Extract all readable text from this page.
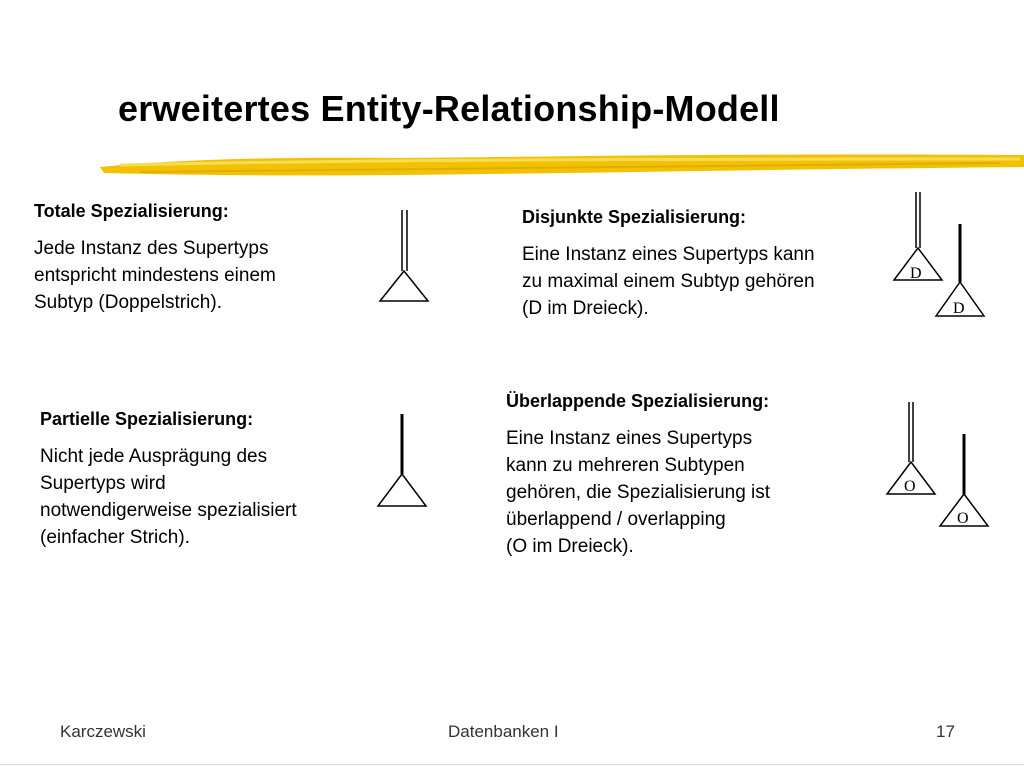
erweitertes Entity-Relationship-Modell
Totale Spezialisierung:
Jede Instanz des Supertyps
entspricht mindestens einem
Subtyp (Doppelstrich).
Disjunkte Spezialisierung:
Eine Instanz eines Supertyps kann
zu maximal einem Subtyp gehören
(D im Dreieck).
D
D
Partielle Spezialisierung:
Nicht jede Ausprägung des
Supertyps wird
notwendigerweise spezialisiert
(einfacher Strich).
Überlappende Spezialisierung:
Eine Instanz eines Supertyps
kann zu mehreren Subtypen
gehören, die Spezialisierung ist
überlappend / overlapping
(O im Dreieck).
O
O
Karczewski	Datenbanken I	17
